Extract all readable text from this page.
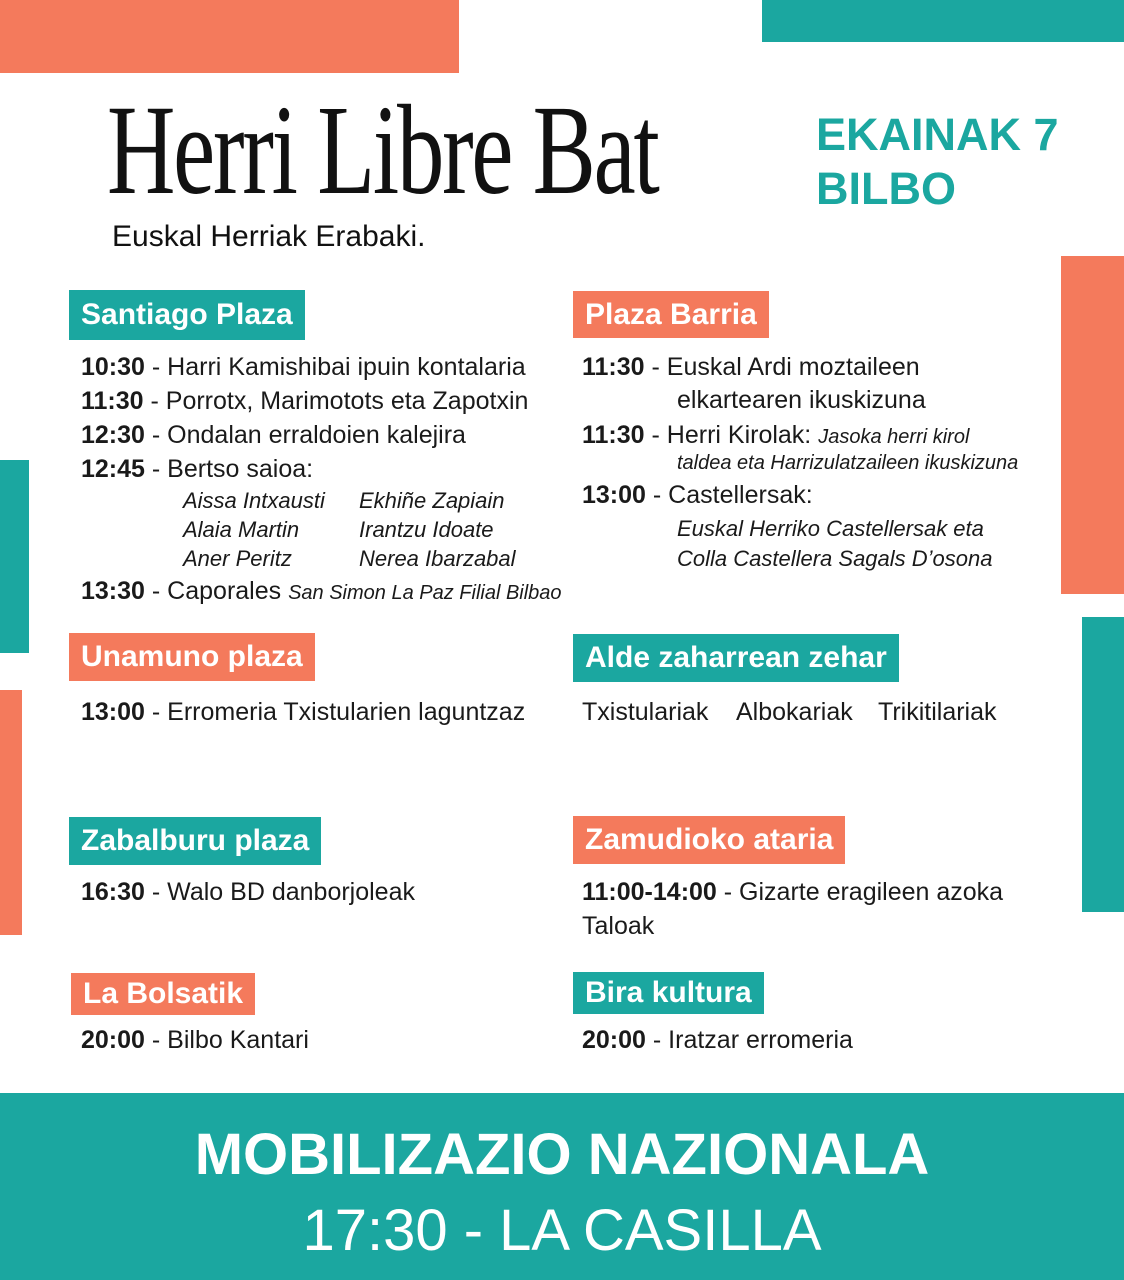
Herri Libre Bat
Euskal Herriak Erabaki.
EKAINAK 7
BILBO
Santiago Plaza
10:30 - Harri Kamishibai ipuin kontalaria
11:30 - Porrotx, Marimotots eta Zapotxin
12:30 - Ondalan erraldoien kalejira
12:45 - Bertso saioa:
Aissa Intxausti Ekhiñe Zapiain
Alaia Martin	Irantzu Idoate
Aner Peritz	Nerea Ibarzabal
13:30 - Caporales San Simon La Paz Filial Bilbao
Plaza Barria
11:30 - Euskal Ardi moztaileen
elkartearen ikuskizuna
11:30 - Herri Kirolak: Jasoka herri kirol
taldea eta Harrizulatzaileen ikuskizuna
13:00 - Castellersak:
Euskal Herriko Castellersak eta
Colla Castellera Sagals D’osona
Unamuno plaza
13:00 - Erromeria Txistularien laguntzaz
Alde zaharrean zehar
Txistulariak Albokariak Trikitilariak
Zabalburu plaza
16:30 - Walo BD danborjoleak
Zamudioko ataria
11:00-14:00 - Gizarte eragileen azoka
Taloak
La Bolsatik
20:00 - Bilbo Kantari
Bira kultura
20:00 - Iratzar erromeria
MOBILIZAZIO NAZIONALA
17:30 - LA CASILLA
